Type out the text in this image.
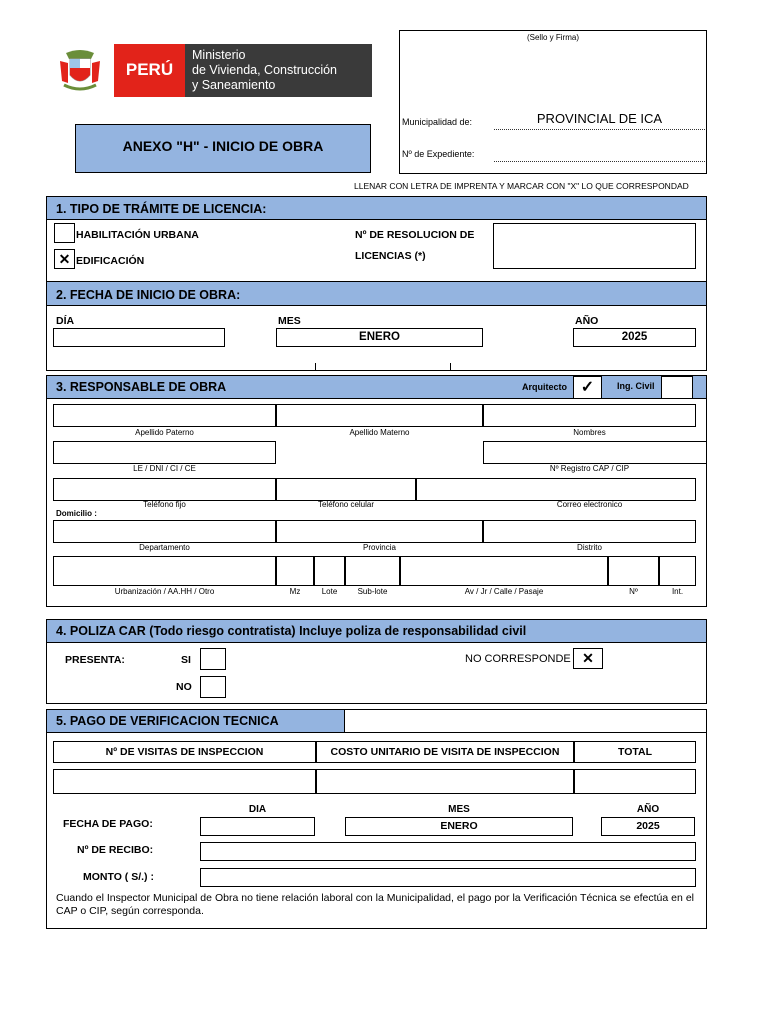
PERÚ
Ministerio
de Vivienda, Construcción
y Saneamiento
ANEXO "H" - INICIO DE OBRA
(Sello y Firma)
Municipalidad de:	PROVINCIAL DE ICA
Nº de Expediente:
LLENAR CON LETRA DE IMPRENTA Y MARCAR CON "X" LO QUE CORRESPONDAD
1. TIPO DE TRÁMITE DE LICENCIA:
HABILITACIÓN URBANA
✕ EDIFICACIÓN
Nº DE RESOLUCION DE
LICENCIAS (*)
2. FECHA DE INICIO DE OBRA:
DÍA	MES	AÑO
ENERO	2025
3. RESPONSABLE DE OBRA	Arquitecto ✓	Ing. Civil
Apellido Paterno	Apellido Materno	Nombres
LE / DNI / CI / CE	Nº Registro CAP / CIP
Teléfono fijo	Teléfono celular	Correo electronico
Domicilio :
Departamento	Provincia	Distrito
Urbanización / AA.HH / Otro	Mz	Lote	Sub-lote	Av / Jr / Calle / Pasaje	Nº	Int.
4. POLIZA CAR (Todo riesgo contratista) Incluye poliza de responsabilidad civil
PRESENTA:	SI
NO
NO CORRESPONDE ✕
5. PAGO DE VERIFICACION TECNICA
Nº DE VISITAS DE INSPECCION	COSTO UNITARIO DE VISITA DE INSPECCION	TOTAL
DIA	MES	AÑO
FECHA DE PAGO:	ENERO	2025
Nº DE RECIBO:
MONTO ( S/.) :
Cuando el Inspector Municipal de Obra no tiene relación laboral con la Municipalidad, el pago por la Verificación Técnica se efectúa en el CAP o CIP, según corresponda.
